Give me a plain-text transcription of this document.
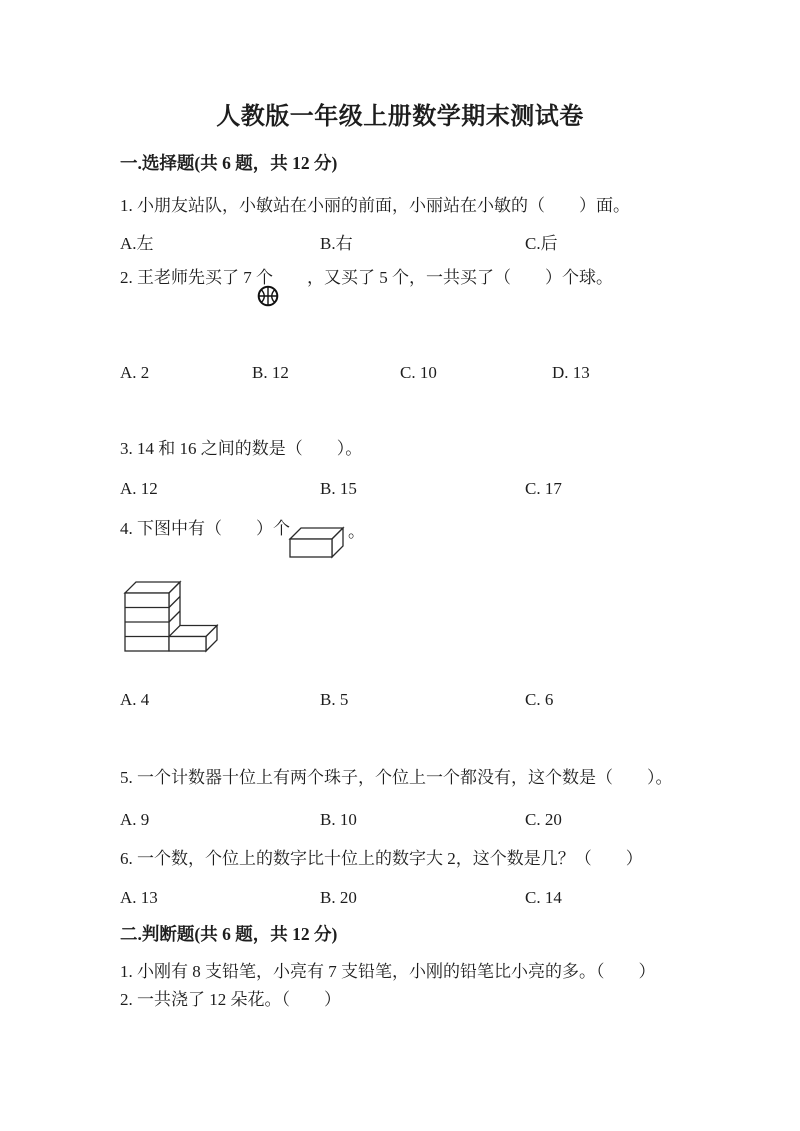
人教版一年级上册数学期末测试卷
一.选择题(共 6 题，共 12 分)
1. 小朋友站队，小敏站在小丽的前面，小丽站在小敏的（　　）面。
A.左	B.右	C.后
2. 王老师先买了 7 个　　，又买了 5 个，一共买了（　　）个球。
A. 2	B. 12	C. 10	D. 13
3. 14 和 16 之间的数是（　　）。
A. 12	B. 15	C. 17
4. 下图中有（　　）个	。
A. 4	B. 5	C. 6
5. 一个计数器十位上有两个珠子，个位上一个都没有，这个数是（　　）。
A. 9	B. 10	C. 20
6. 一个数，个位上的数字比十位上的数字大 2，这个数是几？（　　）
A. 13	B. 20	C. 14
二.判断题(共 6 题，共 12 分)
1. 小刚有 8 支铅笔，小亮有 7 支铅笔，小刚的铅笔比小亮的多。（　　）
2. 一共浇了 12 朵花。（　　）
